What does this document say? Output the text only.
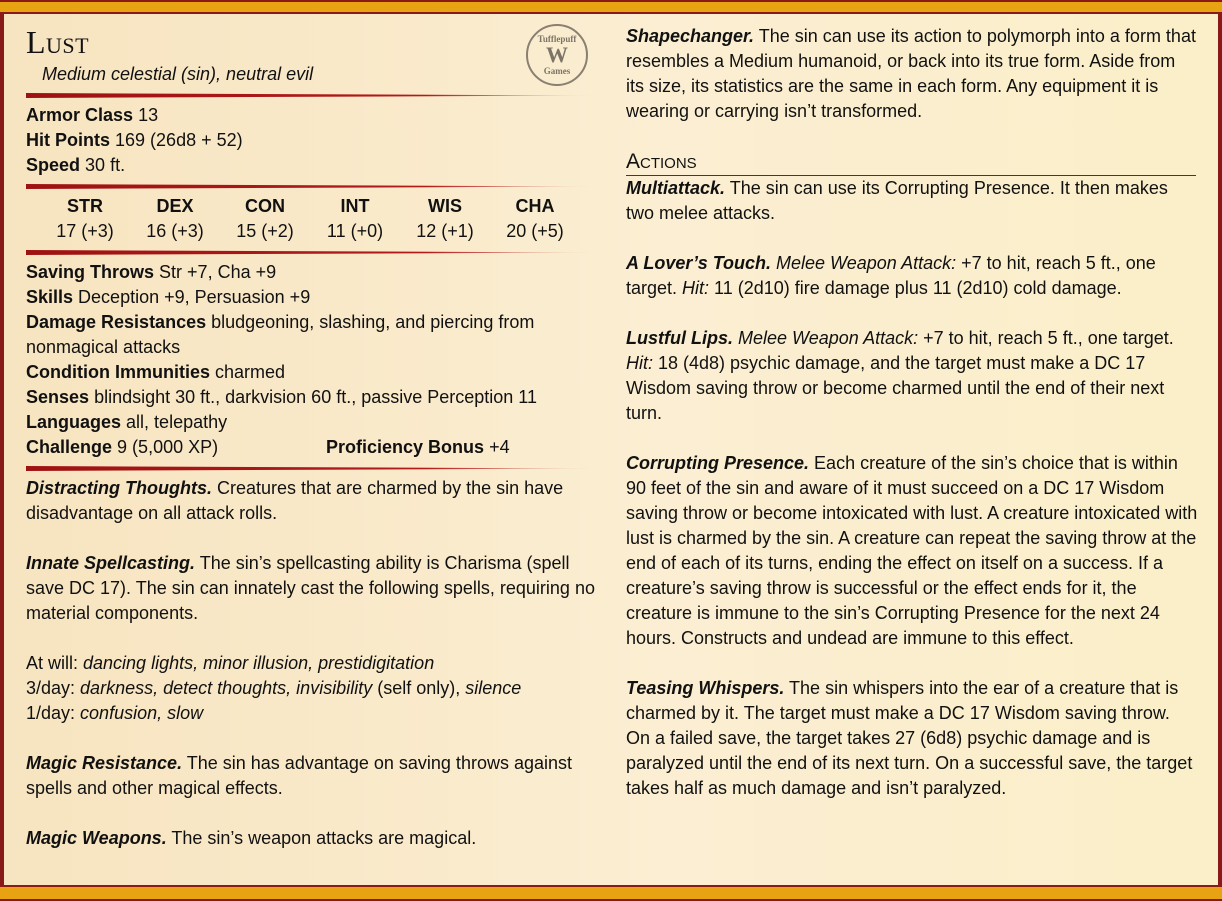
Tufflepuff
W
Games
Lust
Medium celestial (sin), neutral evil
Armor Class 13
Hit Points 169 (26d8 + 52)
Speed 30 ft.
STR
17 (+3)
DEX
16 (+3)
CON
15 (+2)
INT
11 (+0)
WIS
12 (+1)
CHA
20 (+5)
Saving Throws Str +7, Cha +9
Skills Deception +9, Persuasion +9
Damage Resistances bludgeoning, slashing, and piercing from
nonmagical attacks
Condition Immunities charmed
Senses blindsight 30 ft., darkvision 60 ft., passive Perception 11
Languages all, telepathy
Challenge 9 (5,000 XP)	Proficiency Bonus +4

Distracting Thoughts. Creatures that are charmed by the sin have disadvantage on all attack rolls.

Innate Spellcasting. The sin’s spellcasting ability is Charisma (spell save DC 17). The sin can innately cast the following spells, requiring no material components.

At will: dancing lights, minor illusion, prestidigitation
3/day: darkness, detect thoughts, invisibility (self only), silence
1/day: confusion, slow

Magic Resistance. The sin has advantage on saving throws against spells and other magical effects.

Magic Weapons. The sin’s weapon attacks are magical.

Shapechanger. The sin can use its action to polymorph into a form that resembles a Medium humanoid, or back into its true form. Aside from its size, its statistics are the same in each form. Any equipment it is wearing or carrying isn’t transformed.

Actions

Multiattack. The sin can use its Corrupting Presence. It then makes two melee attacks.

A Lover’s Touch. Melee Weapon Attack: +7 to hit, reach 5 ft., one target. Hit: 11 (2d10) fire damage plus 11 (2d10) cold damage.

Lustful Lips. Melee Weapon Attack: +7 to hit, reach 5 ft., one target. Hit: 18 (4d8) psychic damage, and the target must make a DC 17 Wisdom saving throw or become charmed until the end of their next turn.

Corrupting Presence. Each creature of the sin’s choice that is within 90 feet of the sin and aware of it must succeed on a DC 17 Wisdom saving throw or become intoxicated with lust. A creature intoxicated with lust is charmed by the sin. A creature can repeat the saving throw at the end of each of its turns, ending the effect on itself on a success. If a creature’s saving throw is successful or the effect ends for it, the creature is immune to the sin’s Corrupting Presence for the next 24 hours. Constructs and undead are immune to this effect.

Teasing Whispers. The sin whispers into the ear of a creature that is charmed by it. The target must make a DC 17 Wisdom saving throw. On a failed save, the target takes 27 (6d8) psychic damage and is paralyzed until the end of its next turn. On a successful save, the target takes half as much damage and isn’t paralyzed.
